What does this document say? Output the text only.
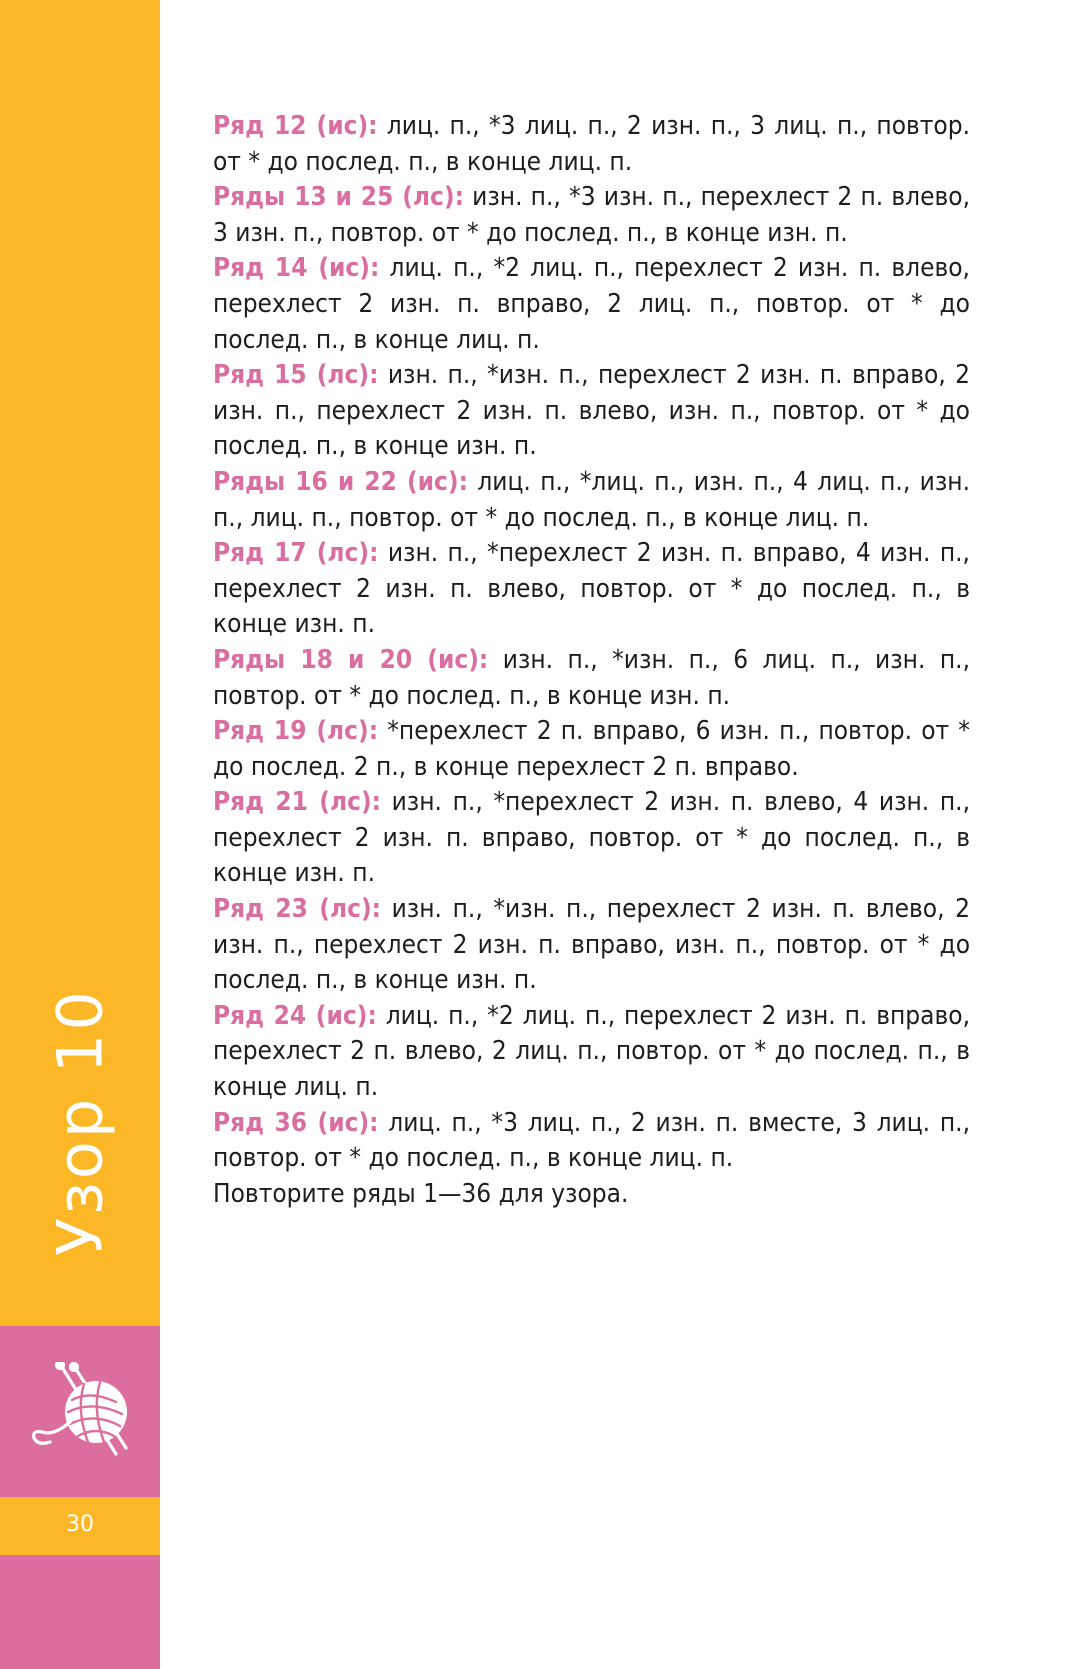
Узор 10
30

Ряд 12 (ис): лиц. п., *3 лиц. п., 2 изн. п., 3 лиц. п., повтор. от * до послед. п., в конце лиц. п.

Ряды 13 и 25 (лс): изн. п., *3 изн. п., перехлест 2 п. влево, 3 изн. п., повтор. от * до послед. п., в конце изн. п.

Ряд 14 (ис): лиц. п., *2 лиц. п., перехлест 2 изн. п. влево, перехлест 2 изн. п. вправо, 2 лиц. п., повтор. от * до послед. п., в конце лиц. п.

Ряд 15 (лс): изн. п., *изн. п., перехлест 2 изн. п. вправо, 2 изн. п., перехлест 2 изн. п. влево, изн. п., повтор. от * до послед. п., в конце изн. п.

Ряды 16 и 22 (ис): лиц. п., *лиц. п., изн. п., 4 лиц. п., изн. п., лиц. п., повтор. от * до послед. п., в конце лиц. п.

Ряд 17 (лс): изн. п., *перехлест 2 изн. п. вправо, 4 изн. п., перехлест 2 изн. п. влево, повтор. от * до послед. п., в конце изн. п.

Ряды 18 и 20 (ис): изн. п., *изн. п., 6 лиц. п., изн. п., повтор. от * до послед. п., в конце изн. п.

Ряд 19 (лс): *перехлест 2 п. вправо, 6 изн. п., повтор. от * до послед. 2 п., в конце перехлест 2 п. вправо.

Ряд 21 (лс): изн. п., *перехлест 2 изн. п. влево, 4 изн. п., перехлест 2 изн. п. вправо, повтор. от * до послед. п., в конце изн. п.

Ряд 23 (лс): изн. п., *изн. п., перехлест 2 изн. п. влево, 2 изн. п., перехлест 2 изн. п. вправо, изн. п., повтор. от * до послед. п., в конце изн. п.

Ряд 24 (ис): лиц. п., *2 лиц. п., перехлест 2 изн. п. вправо, перехлест 2 п. влево, 2 лиц. п., повтор. от * до послед. п., в конце лиц. п.

Ряд 36 (ис): лиц. п., *3 лиц. п., 2 изн. п. вместе, 3 лиц. п., повтор. от * до послед. п., в конце лиц. п.

Повторите ряды 1—36 для узора.
